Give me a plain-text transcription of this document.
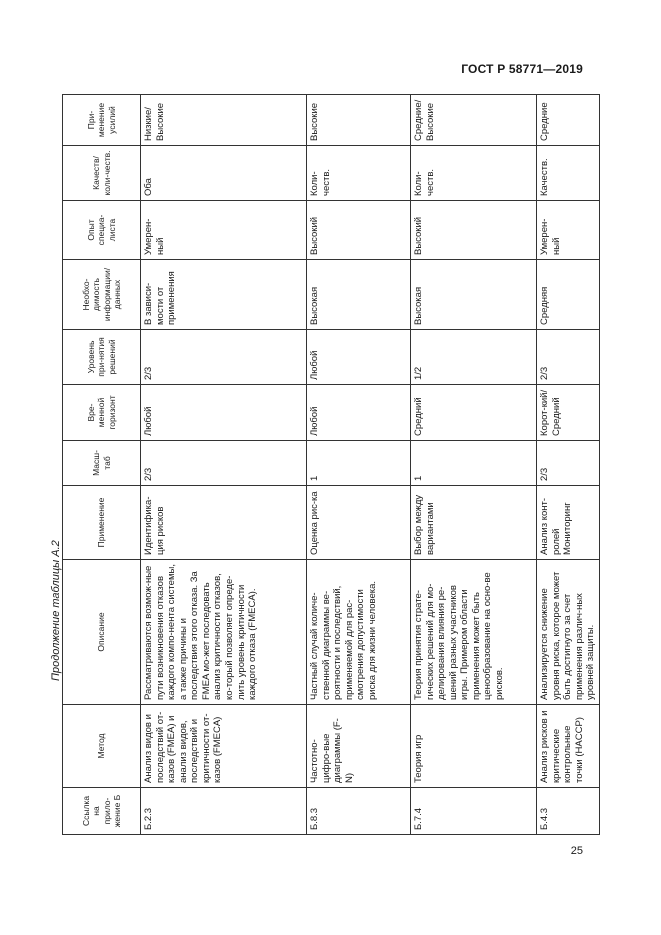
ГОСТ Р 58771—2019
Продолжение таблицы А.2
Ссылка на прило-жение Б	Метод	Описание	Применение	Масш-таб	Вре-менной горизонт	Уровень при-нятия решений	Необхо-димость информации/ данных	Опыт специа-листа	Качеств/ коли-честв.	При-менение усилий
Б.2.3	Анализ видов и последствий от-казов (FMEA) и анализ видов, последствий и критичности от-казов (FMECA)	Рассматриваются возмож-ные пути возникновения отказов каждого компо-нента системы, а также причины и последствия этого отказа. За FMEA мо-жет последовать анализ критичности отказов, ко-торый позволяет опреде-лить уровень критичности каждого отказа (FMECA).	Идентифика-ция рисков	2/3	Любой	2/3	В зависи-мости от применения	Умерен-ный	Оба	Низкие/ Высокие
Б.8.3	Частотно-цифро-вые диаграммы (F-N)	Частный случай количе-ственной диаграммы ве-роятности и последствий, применяемой для рас-смотрения допустимости риска для жизни человека.	Оценка рис-ка	1	Любой	Любой	Высокая	Высокий	Коли-честв.	Высокие
Б.7.4	Теория игр	Теория принятия страте-гических решений для мо-делирования влияния ре-шений разных участников игры. Примером области применения может быть ценообразование на осно-ве рисков.	Выбор между вариантами	1	Средний	1/2	Высокая	Высокий	Коли-честв.	Средние/ Высокие
Б.4.3	Анализ рисков и критические контрольные точки (HACCP)	Анализируется снижение уровня риска, которое может быть достигнуто за счет применения различ-ных уровней защиты.	Анализ конт-ролей Мониторинг	2/3	Корот-кий/ Средний	2/3	Средняя	Умерен-ный	Качеств.	Средние
25
